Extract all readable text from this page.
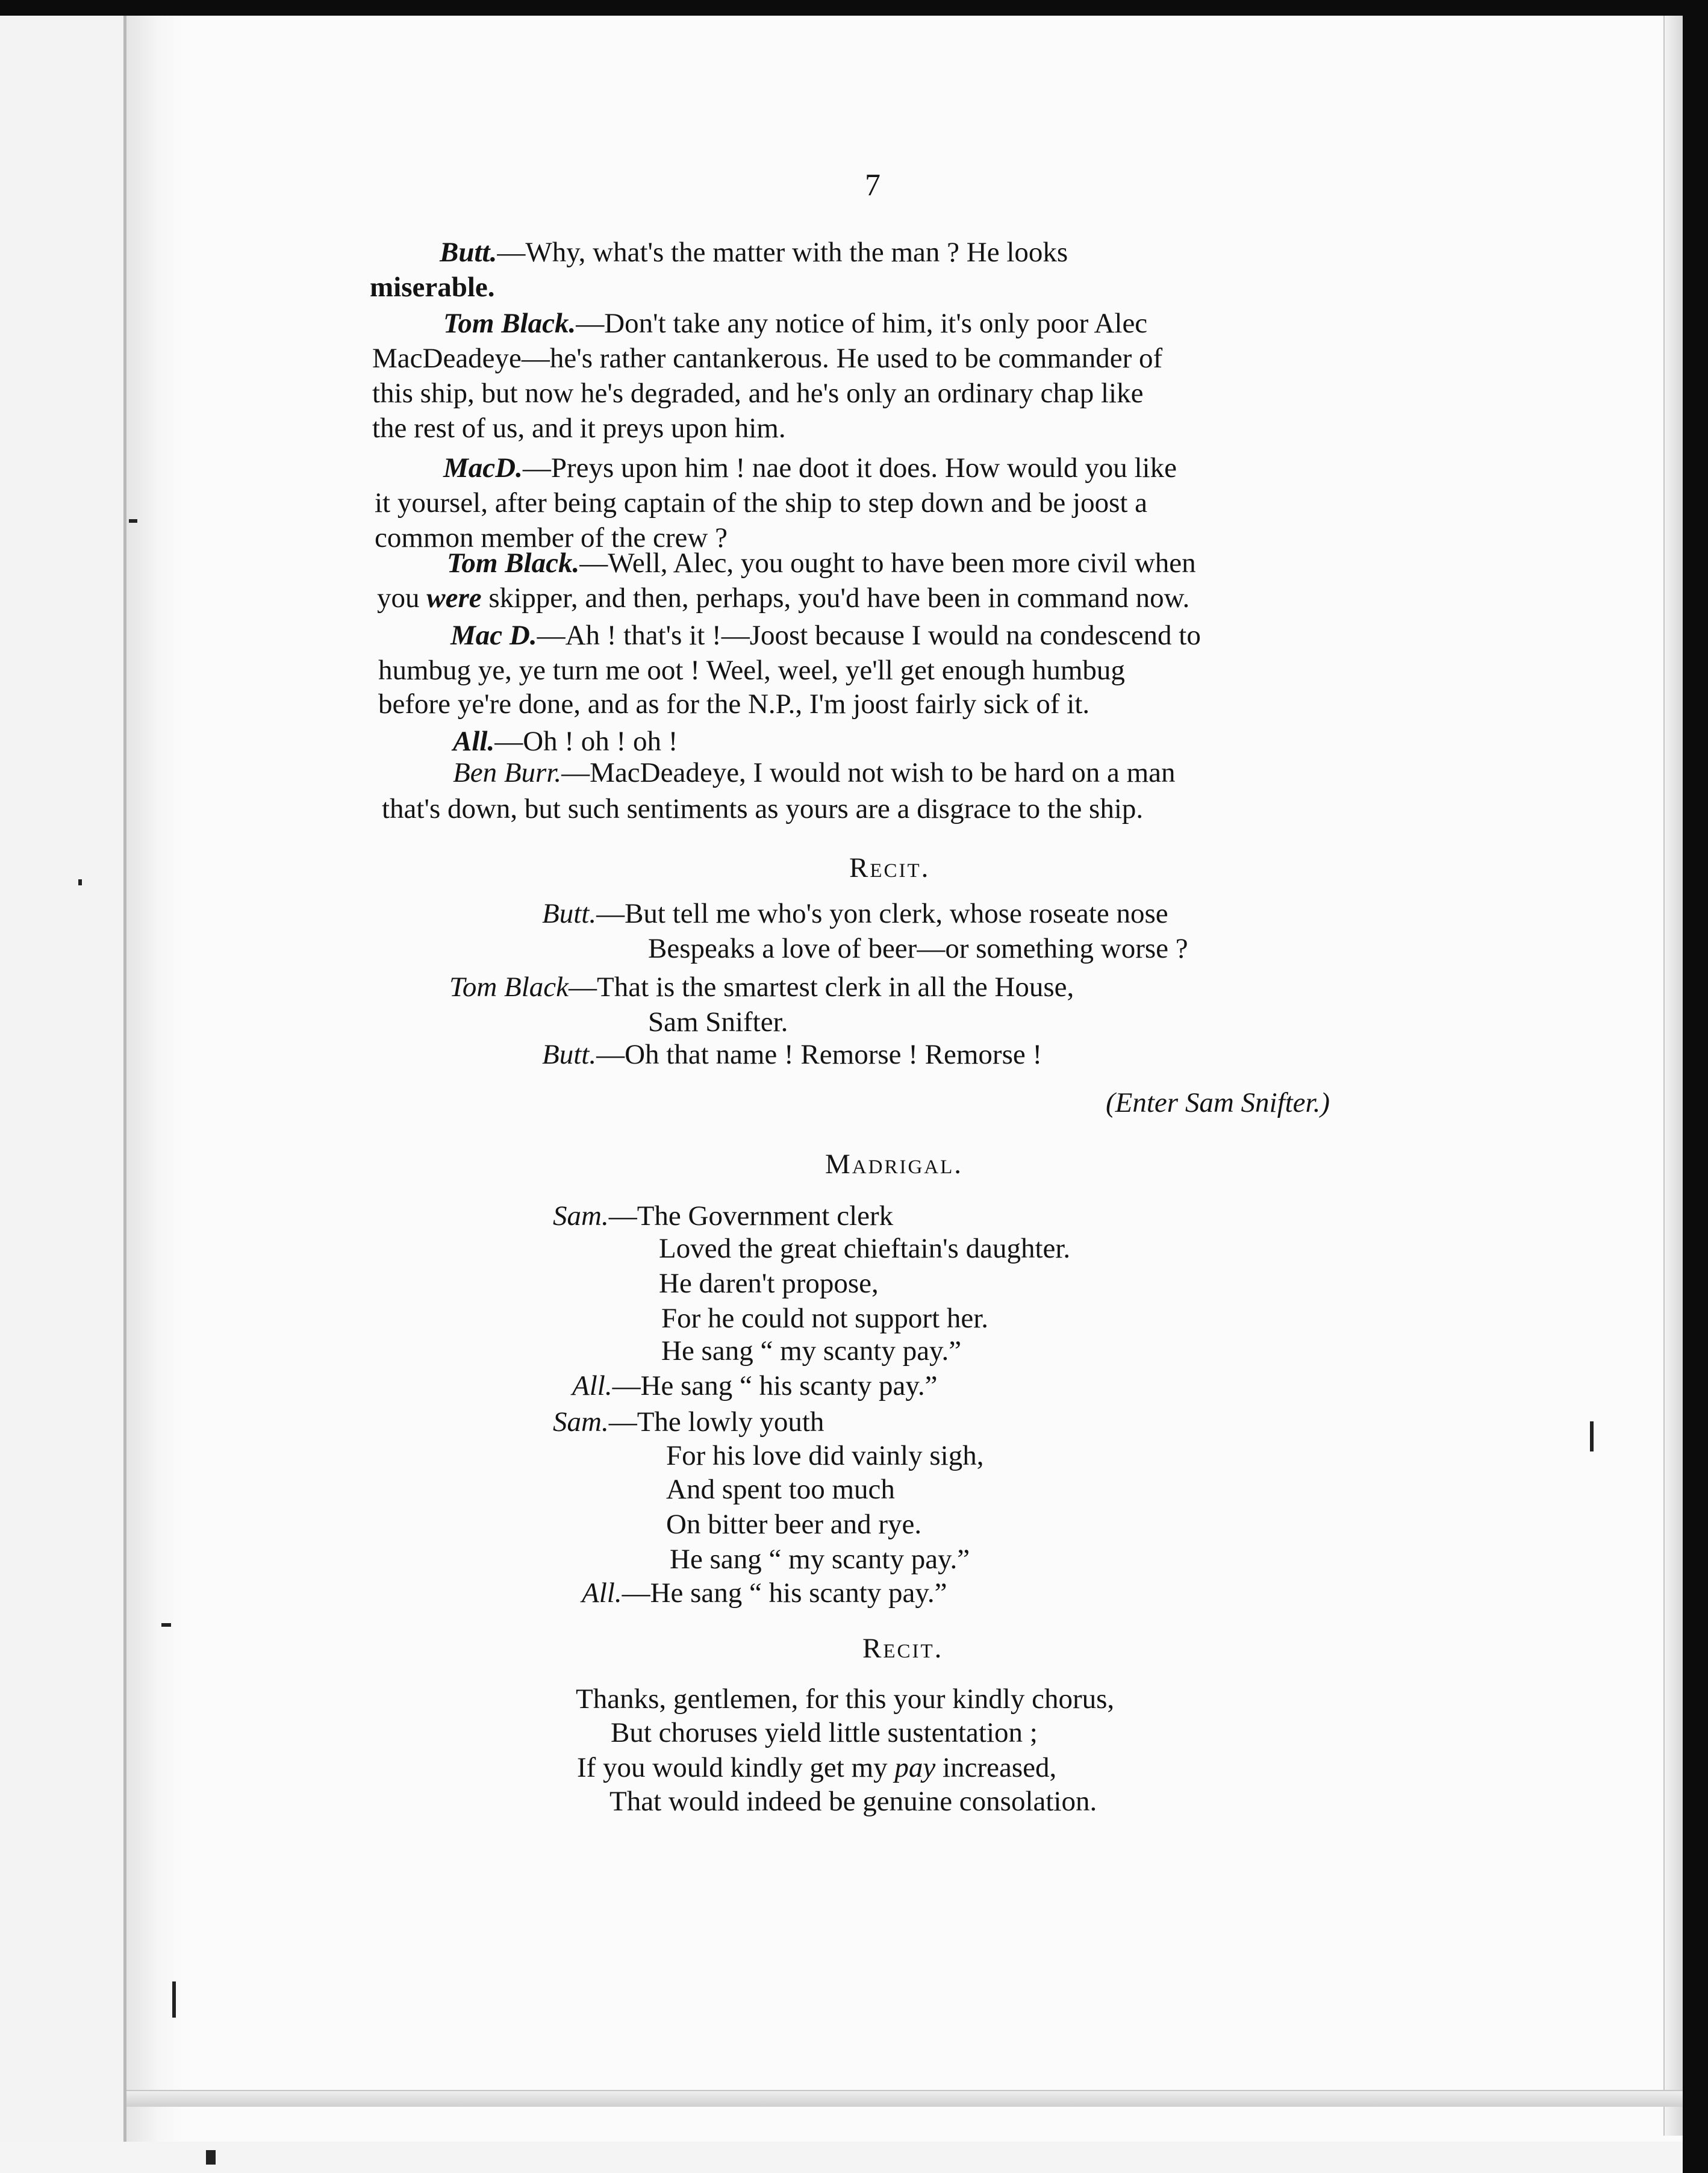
7
Butt.—Why, what's the matter with the man ? He looks
miserable.
Tom Black.—Don't take any notice of him, it's only poor Alec
MacDeadeye—he's rather cantankerous. He used to be commander of
this ship, but now he's degraded, and he's only an ordinary chap like
the rest of us, and it preys upon him.
MacD.—Preys upon him ! nae doot it does. How would you like
it yoursel, after being captain of the ship to step down and be joost a
common member of the crew ?
Tom Black.—Well, Alec, you ought to have been more civil when
you were skipper, and then, perhaps, you'd have been in command now.
Mac D.—Ah ! that's it !—Joost because I would na condescend to
humbug ye, ye turn me oot ! Weel, weel, ye'll get enough humbug
before ye're done, and as for the N.P., I'm joost fairly sick of it.
All.—Oh ! oh ! oh !
Ben Burr.—MacDeadeye, I would not wish to be hard on a man
that's down, but such sentiments as yours are a disgrace to the ship.
Recit.
Butt.—But tell me who's yon clerk, whose roseate nose
Bespeaks a love of beer—or something worse ?
Tom Black—That is the smartest clerk in all the House,
Sam Snifter.
Butt.—Oh that name ! Remorse ! Remorse !
(Enter Sam Snifter.)
Madrigal.
Sam.—The Government clerk
Loved the great chieftain's daughter.
He daren't propose,
For he could not support her.
He sang “ my scanty pay.”
All.—He sang “ his scanty pay.”
Sam.—The lowly youth
For his love did vainly sigh,
And spent too much
On bitter beer and rye.
He sang “ my scanty pay.”
All.—He sang “ his scanty pay.”
Recit.
Thanks, gentlemen, for this your kindly chorus,
But choruses yield little sustentation ;
If you would kindly get my pay increased,
That would indeed be genuine consolation.
